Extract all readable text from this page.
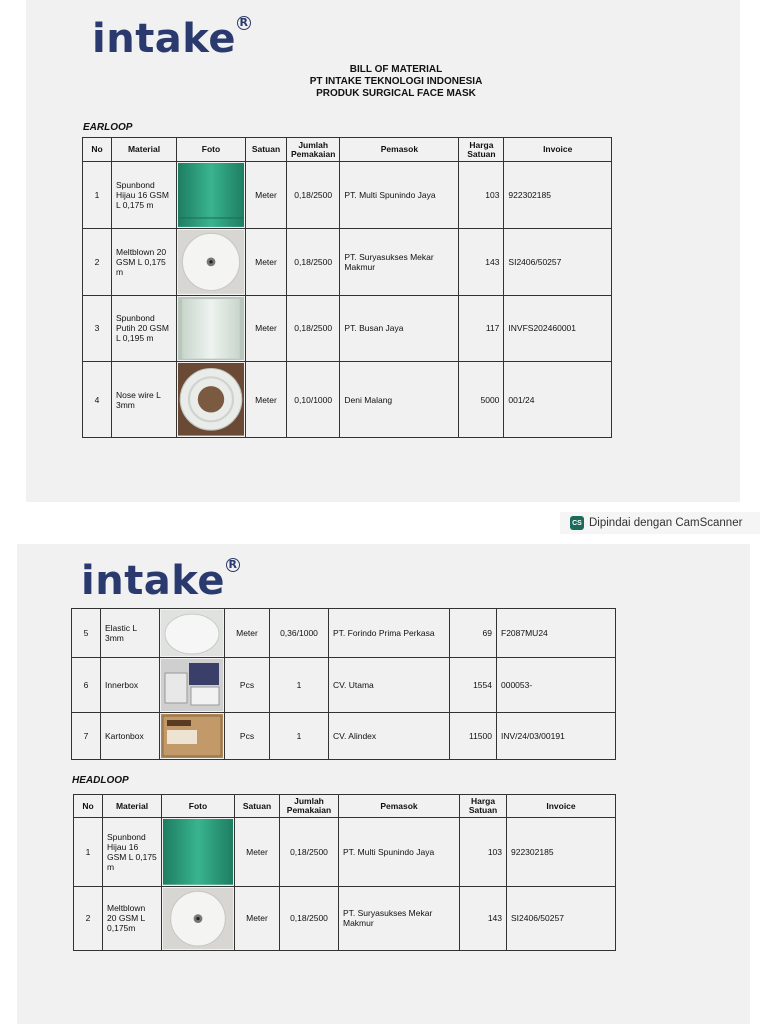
intake $^R$
BILL OF MATERIAL
PT INTAKE TEKNOLOGI INDONESIA
PRODUK SURGICAL FACE MASK
EARLOOP
No	Material	Foto	Satuan	Jumlah Pemakaian	Pemasok	Harga Satuan	Invoice
1	Spunbond Hijau 16 GSM L 0,175 m		Meter	0,18/2500	PT. Multi Spunindo Jaya	103	922302185
2	Meltblown 20 GSM L 0,175 m		Meter	0,18/2500	PT. Suryasukses Mekar Makmur	143	SI2406/50257
3	Spunbond Putih 20 GSM L 0,195 m		Meter	0,18/2500	PT. Busan Jaya	117	INVFS202460001
4	Nose wire L 3mm		Meter	0,10/1000	Deni Malang	5000	001/24
CS Dipindai dengan CamScanner
intake $^R$
5	Elastic L 3mm		Meter	0,36/1000	PT. Forindo Prima Perkasa	69	F2087MU24
6	Innerbox		Pcs	1	CV. Utama	1554	000053-
7	Kartonbox		Pcs	1	CV. Alindex	11500	INV/24/03/00191
HEADLOOP
No	Material	Foto	Satuan	Jumlah Pemakaian	Pemasok	Harga Satuan	Invoice
1	Spunbond Hijau 16 GSM L 0,175 m		Meter	0,18/2500	PT. Multi Spunindo Jaya	103	922302185
2	Meltblown 20 GSM L 0,175m		Meter	0,18/2500	PT. Suryasukses Mekar Makmur	143	SI2406/50257
